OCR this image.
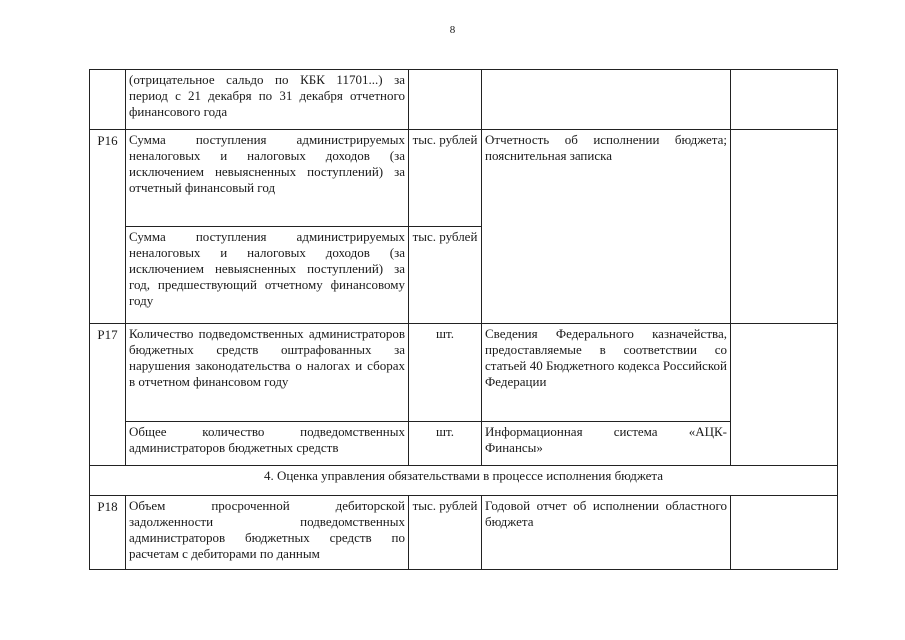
8
	(отрицательное сальдо по КБК 11701...) за период с 21 декабря по 31 декабря отчетного финансового года			
Р16	Сумма поступления администрируемых неналоговых и налоговых доходов (за исключением невыясненных поступлений) за отчетный финансовый год	тыс. рублей	Отчетность об исполнении бюджета; пояснительная записка	
	Сумма поступления администрируемых неналоговых и налоговых доходов (за исключением невыясненных поступлений) за год, предшествующий отчетному финансовому году	тыс. рублей		
Р17	Количество подведомственных администраторов бюджетных средств оштрафованных за нарушения законодательства о налогах и сборах в отчетном финансовом году	шт.	Сведения Федерального казначейства, предоставляемые в соответствии со статьей 40 Бюджетного кодекса Российской Федерации	
	Общее количество подведомственных администраторов бюджетных средств	шт.	Информационная система «АЦК-Финансы»	
4. Оценка управления обязательствами в процессе исполнения бюджета				
Р18	Объем просроченной дебиторской задолженности подведомственных администраторов бюджетных средств по расчетам с дебиторами по данным	тыс. рублей	Годовой отчет об исполнении областного бюджета	
